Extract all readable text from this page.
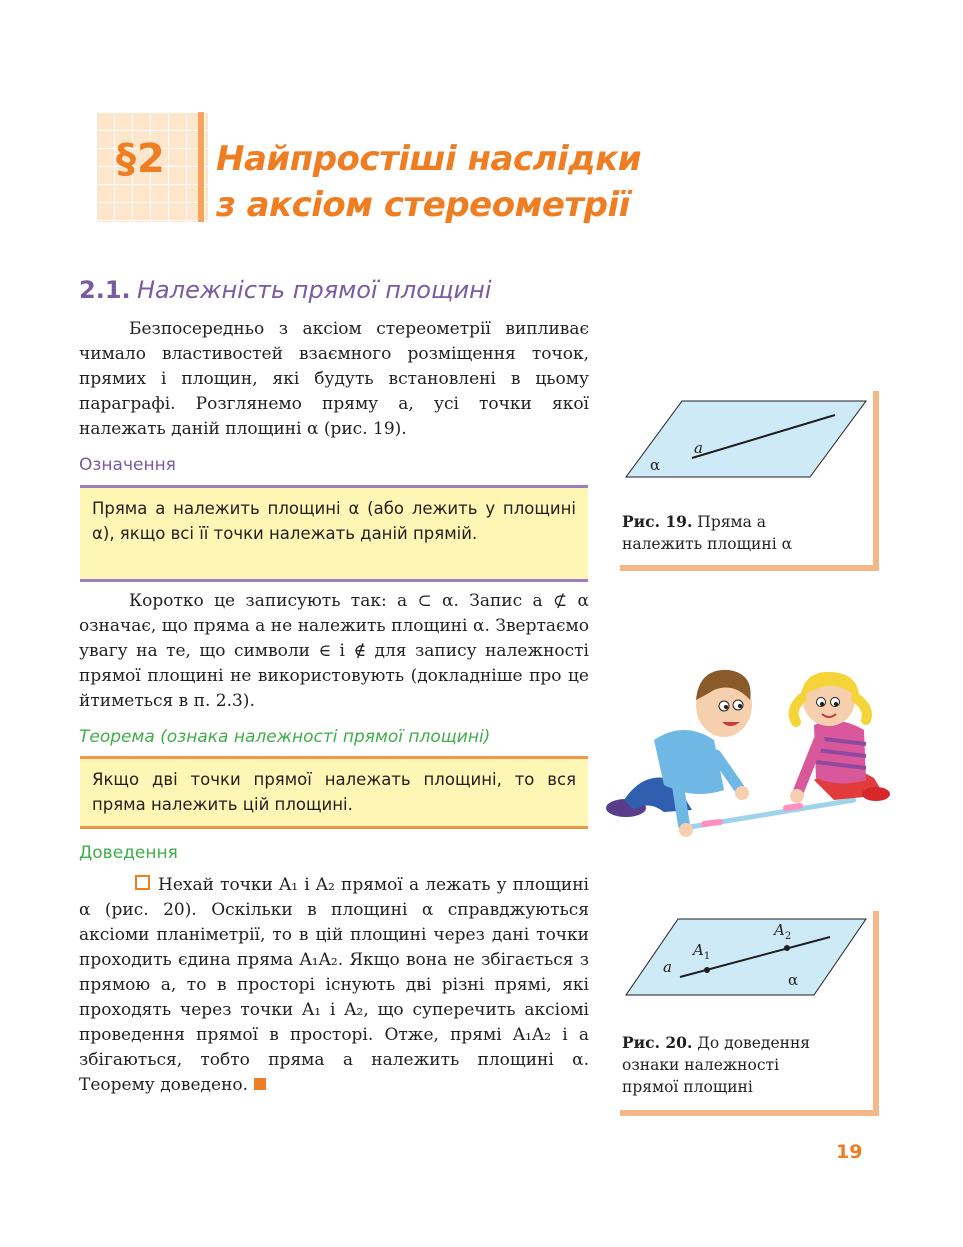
§2 Найпростіші наслідки
з аксіом стереометрії
2.1. Належність прямої площині
Безпосередньо з аксіом стереометрії випливає чимало властивостей взаємного розміщення точок, прямих і площин, які будуть встановлені в цьому параграфі. Розглянемо пряму a, усі точки якої належать даній площині α (рис. 19).
Означення
Пряма a належить площині α (або лежить у площині α), якщо всі її точки належать даній прямій.
Коротко це записують так: a ⊂ α. Запис a ⊄ α означає, що пряма a не належить площині α. Звертаємо увагу на те, що символи ∈ і ∉ для запису належності прямої площині не використовують (докладніше про це йтиметься в п. 2.3).
Теорема (ознака належності прямої площині)
Якщо дві точки прямої належать площині, то вся пряма належить цій площині.
Доведення
Нехай точки A₁ і A₂ прямої a лежать у площині α (рис. 20). Оскільки в площині α справджуються аксіоми планіметрії, то в цій площині через дані точки проходить єдина пряма A₁A₂. Якщо вона не збігається з прямою a, то в просторі існують дві різні прямі, які проходять через точки A₁ і A₂, що суперечить аксіомі проведення прямої в просторі. Отже, прямі A₁A₂ і a збігаються, тобто пряма a належить площині α. Теорему доведено.
a
α
Рис. 19. Пряма a
належить площині α
a
$A_1$
$A_2$
α
Рис. 20. До доведення
ознаки належності
прямої площині
19
